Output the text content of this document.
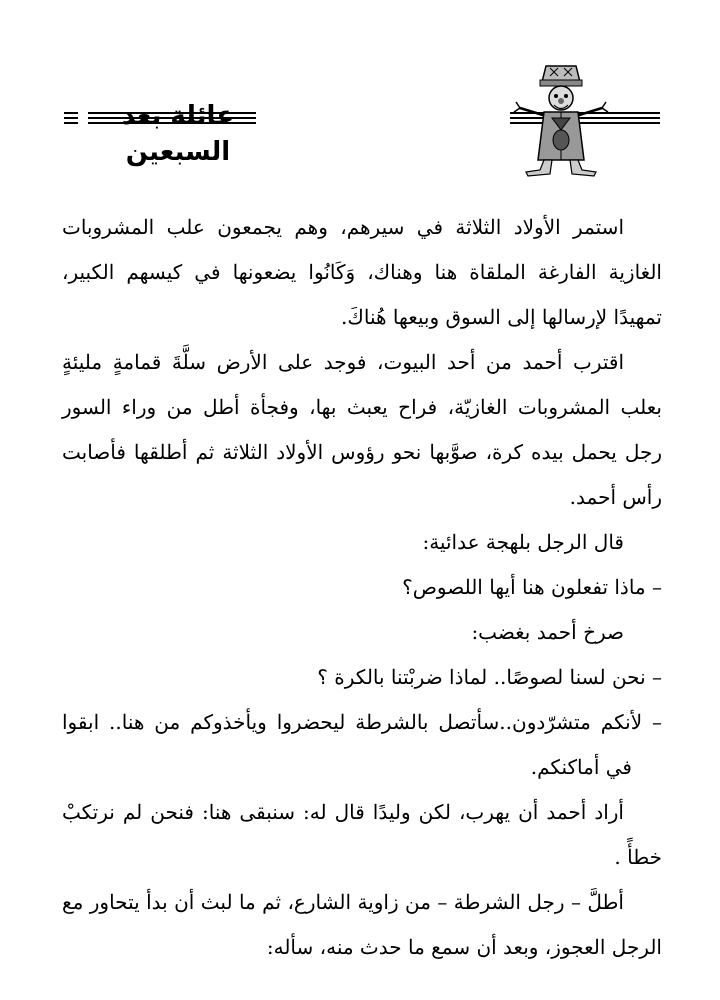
عائلة بعد السبعين

استمر الأولاد الثلاثة في سيرهم، وهم يجمعون علب المشروبات الغازية الفارغة الملقاة هنا وهناك، وَكَانُوا يضعونها في كيسهم الكبير، تمهيدًا لإرسالها إلى السوق وبيعها هُناكَ.

اقترب أحمد من أحد البيوت، فوجد على الأرض سلَّةَ قمامةٍ مليئةٍ بعلب المشروبات الغازيّة، فراح يعبث بها، وفجأة أطل من وراء السور رجل يحمل بيده كرة، صوَّبها نحو رؤوس الأولاد الثلاثة ثم أطلقها فأصابت رأس أحمد.

قال الرجل بلهجة عدائية:

– ماذا تفعلون هنا أيها اللصوص؟

صرخ أحمد بغضب:

– نحن لسنا لصوصًا.. لماذا ضربْتنا بالكرة ؟

– لأنكم متشرّدون..سأتصل بالشرطة ليحضروا ويأخذوكم من هنا.. ابقوا في أماكنكم.

أراد أحمد أن يهرب، لكن وليدًا قال له: سنبقى هنا: فنحن لم نرتكبْ خطأً .

أطلَّ – رجل الشرطة – من زاوية الشارع، ثم ما لبث أن بدأ يتحاور مع الرجل العجوز، وبعد أن سمع ما حدث منه، سأله:
